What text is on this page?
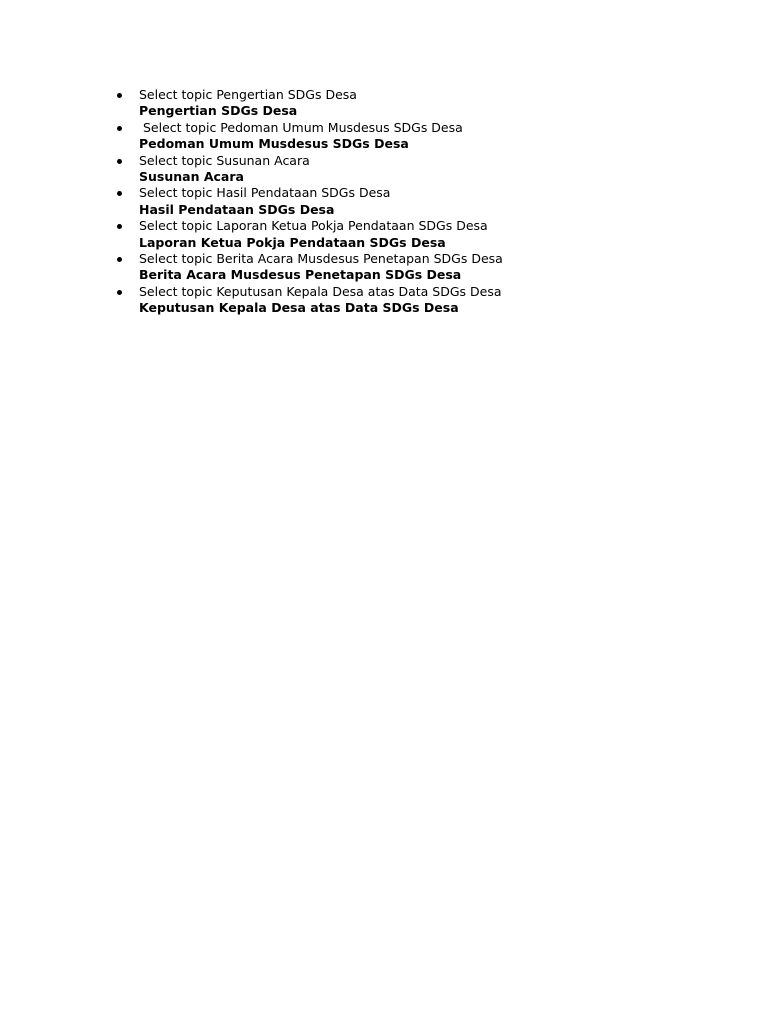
Select topic Pengertian SDGs Desa
Pengertian SDGs Desa
Select topic Pedoman Umum Musdesus SDGs Desa
Pedoman Umum Musdesus SDGs Desa
Select topic Susunan Acara
Susunan Acara
Select topic Hasil Pendataan SDGs Desa
Hasil Pendataan SDGs Desa
Select topic Laporan Ketua Pokja Pendataan SDGs Desa
Laporan Ketua Pokja Pendataan SDGs Desa
Select topic Berita Acara Musdesus Penetapan SDGs Desa
Berita Acara Musdesus Penetapan SDGs Desa
Select topic Keputusan Kepala Desa atas Data SDGs Desa
Keputusan Kepala Desa atas Data SDGs Desa
